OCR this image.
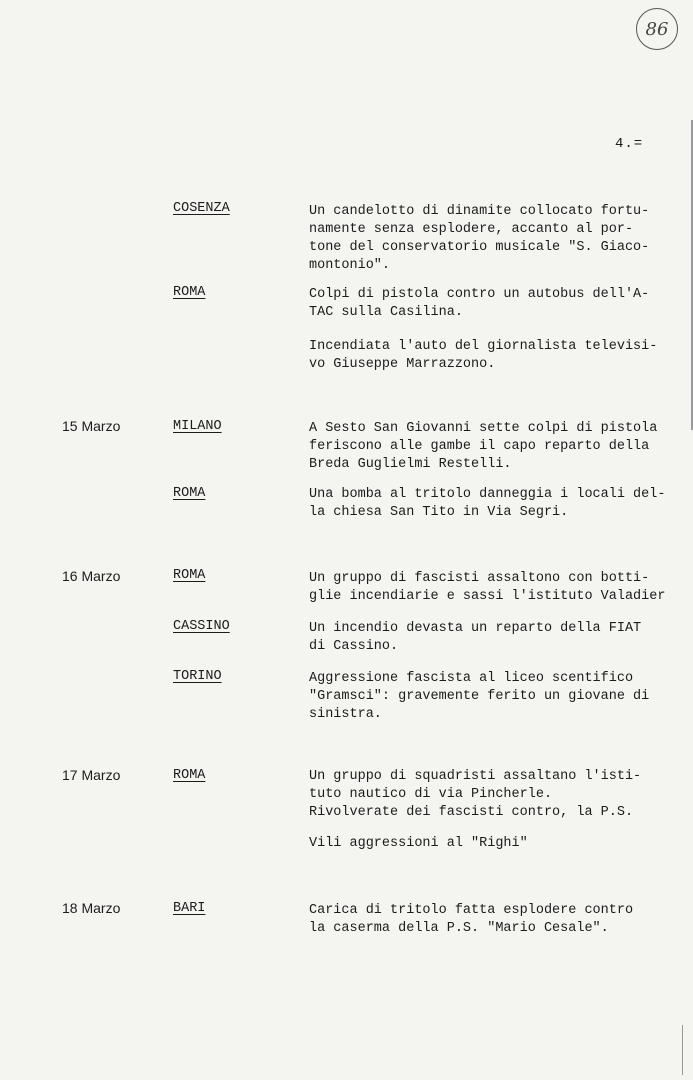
86
4.=
COSENZA	Un candelotto di dinamite collocato fortu-
namente senza esplodere, accanto al por-
tone del conservatorio musicale "S. Giaco-
montonio".
ROMA	Colpi di pistola contro un autobus dell'A-
TAC sulla Casilina.
Incendiata l'auto del giornalista televisi-
vo Giuseppe Marrazzono.
15 Marzo	MILANO	A Sesto San Giovanni sette colpi di pistola
feriscono alle gambe il capo reparto della
Breda Guglielmi Restelli.
ROMA	Una bomba al tritolo danneggia i locali del-
la chiesa San Tito in Via Segri.
16 Marzo	ROMA	Un gruppo di fascisti assaltono con botti-
glie incendiarie e sassi l'istituto Valadier
CASSINO	Un incendio devasta un reparto della FIAT
di Cassino.
TORINO	Aggressione fascista al liceo scentifico
"Gramsci": gravemente ferito un giovane di
sinistra.
17 Marzo	ROMA	Un gruppo di squadristi assaltano l'isti-
tuto nautico di via Pincherle.
Rivolverate dei fascisti contro, la P.S.
Vili aggressioni al "Righi"
18 Marzo	BARI	Carica di tritolo fatta esplodere contro
la caserma della P.S. "Mario Cesale".
